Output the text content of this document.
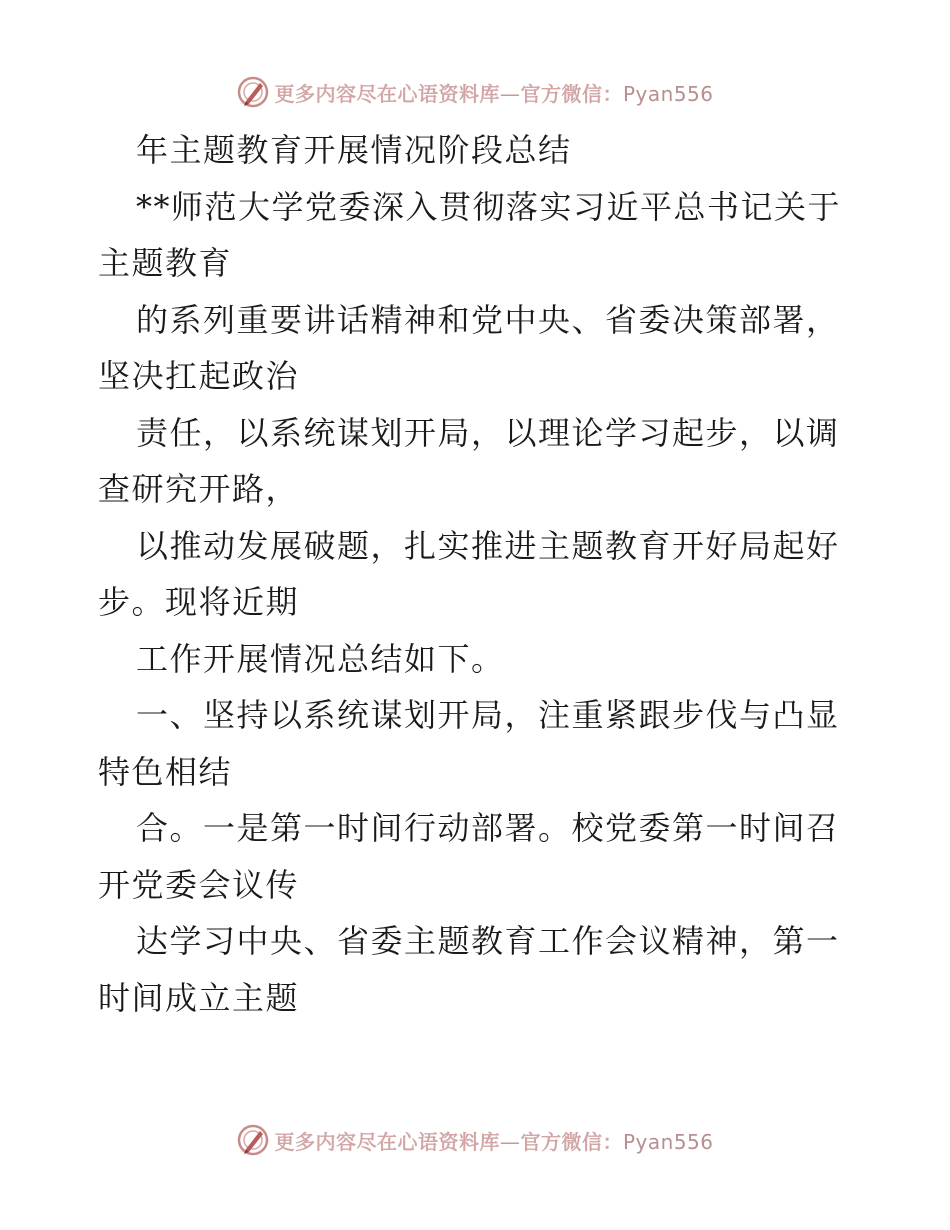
更多内容尽在心语资料库—官方微信：Pyan556
年主题教育开展情况阶段总结
**师范大学党委深入贯彻落实习近平总书记关于
主题教育
的系列重要讲话精神和党中央、省委决策部署，
坚决扛起政治
责任，以系统谋划开局，以理论学习起步，以调
查研究开路，
以推动发展破题，扎实推进主题教育开好局起好
步。现将近期
工作开展情况总结如下。
一、坚持以系统谋划开局，注重紧跟步伐与凸显
特色相结
合。一是第一时间行动部署。校党委第一时间召
开党委会议传
达学习中央、省委主题教育工作会议精神，第一
时间成立主题
更多内容尽在心语资料库—官方微信：Pyan556
